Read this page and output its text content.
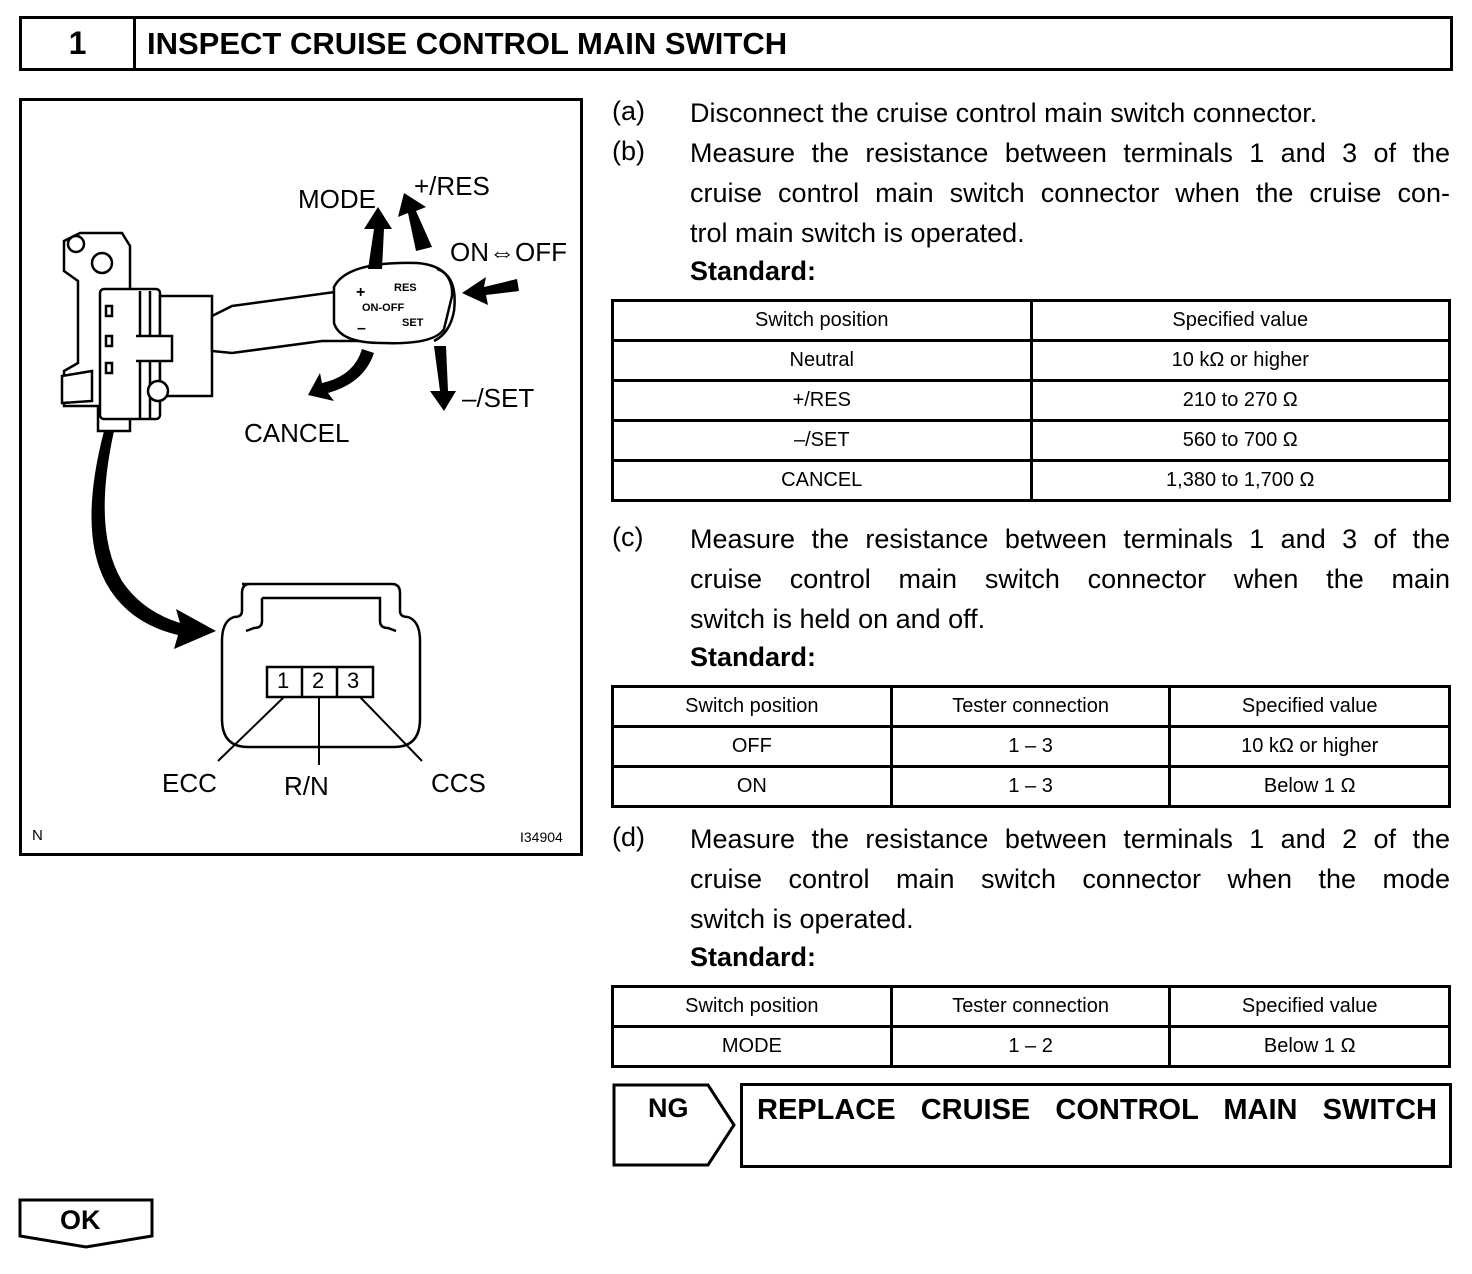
1	INSPECT CRUISE CONTROL MAIN SWITCH
RES
ON-OFF
SET
+
–
MODE +/RES
ON⇔OFF
–/SET
CANCEL
1 2 3
ECC	R/N	CCS
N	I34904
(a) Disconnect the cruise control main switch connector.
(b) Measure the resistance between terminals 1 and 3 of the
cruise control main switch connector when the cruise con-
trol main switch is operated.
Standard:
Switch position	Specified value
Neutral	10 kΩ or higher
+/RES	210 to 270 Ω
–/SET	560 to 700 Ω
CANCEL	1,380 to 1,700 Ω
(c) Measure the resistance between terminals 1 and 3 of the
cruise control main switch connector when the main
switch is held on and off.
Standard:
Switch position	Tester connection	Specified value
OFF	1 – 3	10 kΩ or higher
ON	1 – 3	Below 1 Ω
(d) Measure the resistance between terminals 1 and 2 of the
cruise control main switch connector when the mode
switch is operated.
Standard:
Switch position	Tester connection	Specified value
MODE	1 – 2	Below 1 Ω
NG REPLACE CRUISE CONTROL MAIN SWITCH
OK
